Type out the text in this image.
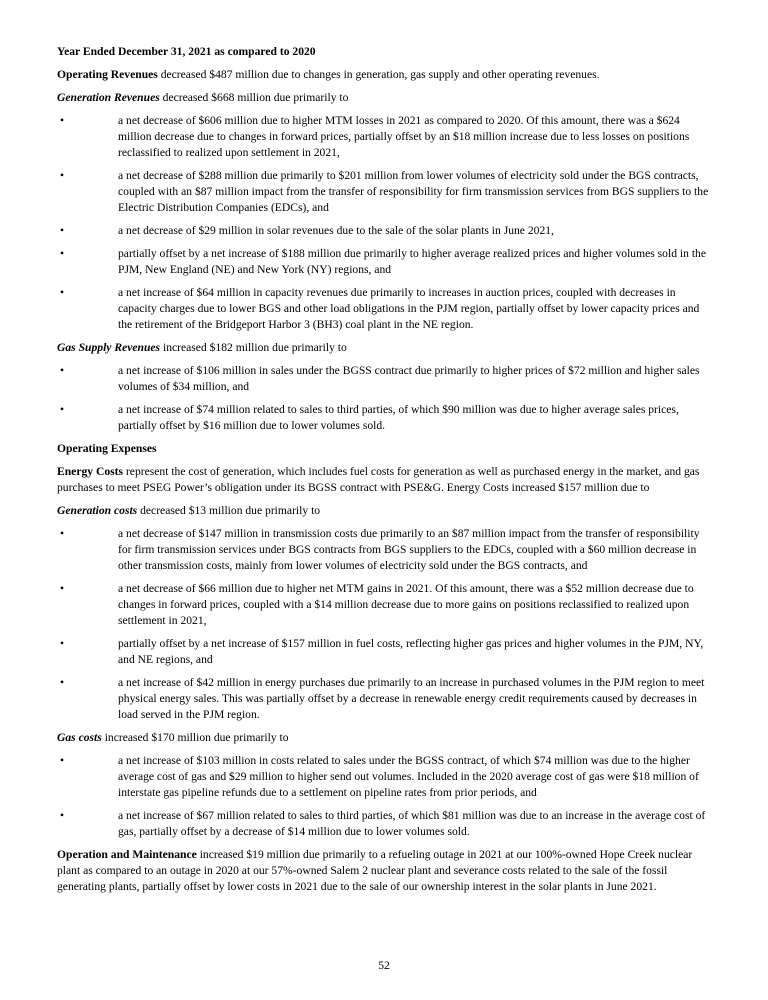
Year Ended December 31, 2021 as compared to 2020

Operating Revenues decreased $487 million due to changes in generation, gas supply and other operating revenues.

Generation Revenues decreased $668 million due primarily to

•	a net decrease of $606 million due to higher MTM losses in 2021 as compared to 2020. Of this amount, there was a $624 million decrease due to changes in forward prices, partially offset by an $18 million increase due to less losses on positions reclassified to realized upon settlement in 2021,
•	a net decrease of $288 million due primarily to $201 million from lower volumes of electricity sold under the BGS contracts, coupled with an $87 million impact from the transfer of responsibility for firm transmission services from BGS suppliers to the Electric Distribution Companies (EDCs), and
•	a net decrease of $29 million in solar revenues due to the sale of the solar plants in June 2021,
•	partially offset by a net increase of $188 million due primarily to higher average realized prices and higher volumes sold in the PJM, New England (NE) and New York (NY) regions, and
•	a net increase of $64 million in capacity revenues due primarily to increases in auction prices, coupled with decreases in capacity charges due to lower BGS and other load obligations in the PJM region, partially offset by lower capacity prices and the retirement of the Bridgeport Harbor 3 (BH3) coal plant in the NE region.

Gas Supply Revenues increased $182 million due primarily to

•	a net increase of $106 million in sales under the BGSS contract due primarily to higher prices of $72 million and higher sales volumes of $34 million, and
•	a net increase of $74 million related to sales to third parties, of which $90 million was due to higher average sales prices, partially offset by $16 million due to lower volumes sold.

Operating Expenses

Energy Costs represent the cost of generation, which includes fuel costs for generation as well as purchased energy in the market, and gas purchases to meet PSEG Power’s obligation under its BGSS contract with PSE&G. Energy Costs increased $157 million due to

Generation costs decreased $13 million due primarily to

•	a net decrease of $147 million in transmission costs due primarily to an $87 million impact from the transfer of responsibility for firm transmission services under BGS contracts from BGS suppliers to the EDCs, coupled with a $60 million decrease in other transmission costs, mainly from lower volumes of electricity sold under the BGS contracts, and
•	a net decrease of $66 million due to higher net MTM gains in 2021. Of this amount, there was a $52 million decrease due to changes in forward prices, coupled with a $14 million decrease due to more gains on positions reclassified to realized upon settlement in 2021,
•	partially offset by a net increase of $157 million in fuel costs, reflecting higher gas prices and higher volumes in the PJM, NY, and NE regions, and
•	a net increase of $42 million in energy purchases due primarily to an increase in purchased volumes in the PJM region to meet physical energy sales. This was partially offset by a decrease in renewable energy credit requirements caused by decreases in load served in the PJM region.

Gas costs increased $170 million due primarily to

•	a net increase of $103 million in costs related to sales under the BGSS contract, of which $74 million was due to the higher average cost of gas and $29 million to higher send out volumes. Included in the 2020 average cost of gas were $18 million of interstate gas pipeline refunds due to a settlement on pipeline rates from prior periods, and
•	a net increase of $67 million related to sales to third parties, of which $81 million was due to an increase in the average cost of gas, partially offset by a decrease of $14 million due to lower volumes sold.

Operation and Maintenance increased $19 million due primarily to a refueling outage in 2021 at our 100%-owned Hope Creek nuclear plant as compared to an outage in 2020 at our 57%-owned Salem 2 nuclear plant and severance costs related to the sale of the fossil generating plants, partially offset by lower costs in 2021 due to the sale of our ownership interest in the solar plants in June 2021.

52
